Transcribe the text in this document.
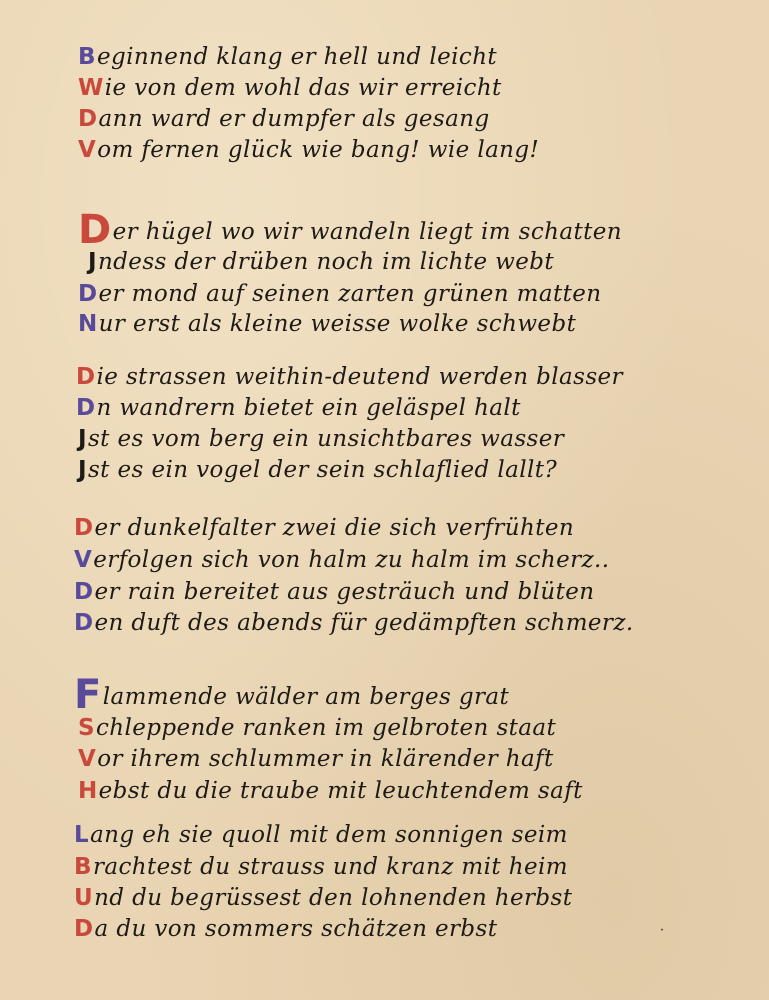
Beginnend klang er hell und leicht
Wie von dem wohl das wir erreicht
Dann ward er dumpfer als gesang
Vom fernen glück wie bang! wie lang!
Der hügel wo wir wandeln liegt im schatten
Jndess der drüben noch im lichte webt
Der mond auf seinen zarten grünen matten
Nur erst als kleine weisse wolke schwebt
Die strassen weithin-deutend werden blasser
Dn wandrern bietet ein geläspel halt
Jst es vom berg ein unsichtbares wasser
Jst es ein vogel der sein schlaflied lallt?
Der dunkelfalter zwei die sich verfrühten
Verfolgen sich von halm zu halm im scherz..
Der rain bereitet aus gesträuch und blüten
Den duft des abends für gedämpften schmerz.
Flammende wälder am berges grat
Schleppende ranken im gelbroten staat
Vor ihrem schlummer in klärender haft
Hebst du die traube mit leuchtendem saft
Lang eh sie quoll mit dem sonnigen seim
Brachtest du strauss und kranz mit heim
Und du begrüssest den lohnenden herbst
Da du von sommers schätzen erbst	˙
